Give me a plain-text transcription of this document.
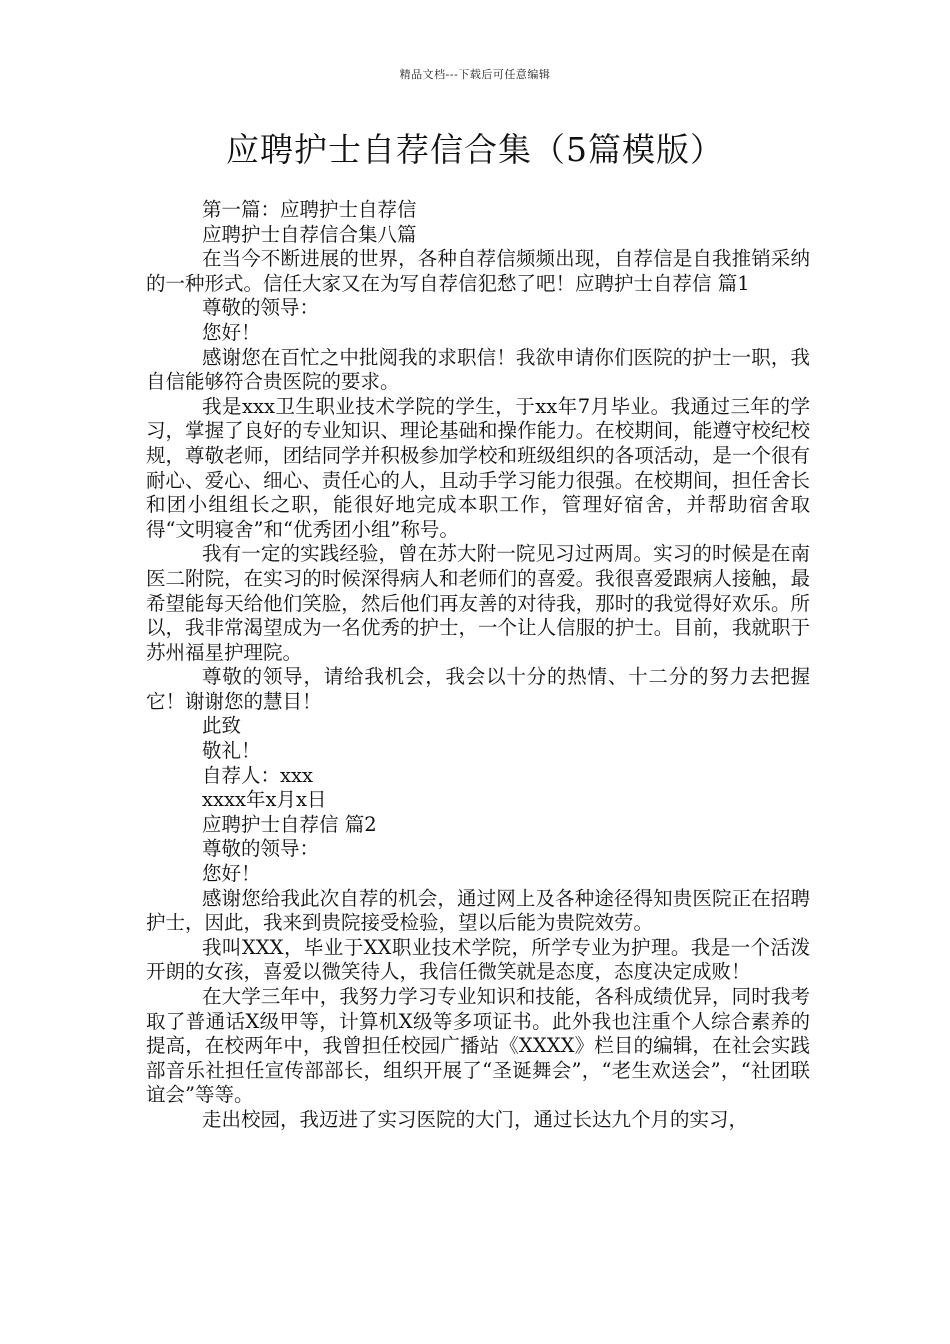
精品文档---下载后可任意编辑
应聘护士自荐信合集（5篇模版）

第一篇：应聘护士自荐信

应聘护士自荐信合集八篇

在当今不断进展的世界，各种自荐信频频出现，自荐信是自我推销采纳的一种形式。信任大家又在为写自荐信犯愁了吧！应聘护士自荐信 篇1

尊敬的领导：

您好！

感谢您在百忙之中批阅我的求职信！我欲申请你们医院的护士一职，我自信能够符合贵医院的要求。

我是xxx卫生职业技术学院的学生，于xx年7月毕业。我通过三年的学习，掌握了良好的专业知识、理论基础和操作能力。在校期间，能遵守校纪校规，尊敬老师，团结同学并积极参加学校和班级组织的各项活动，是一个很有耐心、爱心、细心、责任心的人，且动手学习能力很强。在校期间，担任舍长和团小组组长之职，能很好地完成本职工作，管理好宿舍，并帮助宿舍取得“文明寝舍”和“优秀团小组”称号。

我有一定的实践经验，曾在苏大附一院见习过两周。实习的时候是在南医二附院，在实习的时候深得病人和老师们的喜爱。我很喜爱跟病人接触，最希望能每天给他们笑脸，然后他们再友善的对待我，那时的我觉得好欢乐。所以，我非常渴望成为一名优秀的护士，一个让人信服的护士。目前，我就职于苏州福星护理院。

尊敬的领导，请给我机会，我会以十分的热情、十二分的努力去把握它！谢谢您的慧目！

此致

敬礼！

自荐人：xxx

xxxx年x月x日

应聘护士自荐信 篇2

尊敬的领导：

您好！

感谢您给我此次自荐的机会，通过网上及各种途径得知贵医院正在招聘护士，因此，我来到贵院接受检验，望以后能为贵院效劳。

我叫XXX，毕业于XX职业技术学院，所学专业为护理。我是一个活泼开朗的女孩，喜爱以微笑待人，我信任微笑就是态度，态度决定成败！

在大学三年中，我努力学习专业知识和技能，各科成绩优异，同时我考取了普通话X级甲等，计算机X级等多项证书。此外我也注重个人综合素养的提高，在校两年中，我曾担任校园广播站《XXXX》栏目的编辑，在社会实践部音乐社担任宣传部部长，组织开展了“圣诞舞会”，“老生欢送会”，“社团联谊会”等等。

走出校园，我迈进了实习医院的大门，通过长达九个月的实习，
